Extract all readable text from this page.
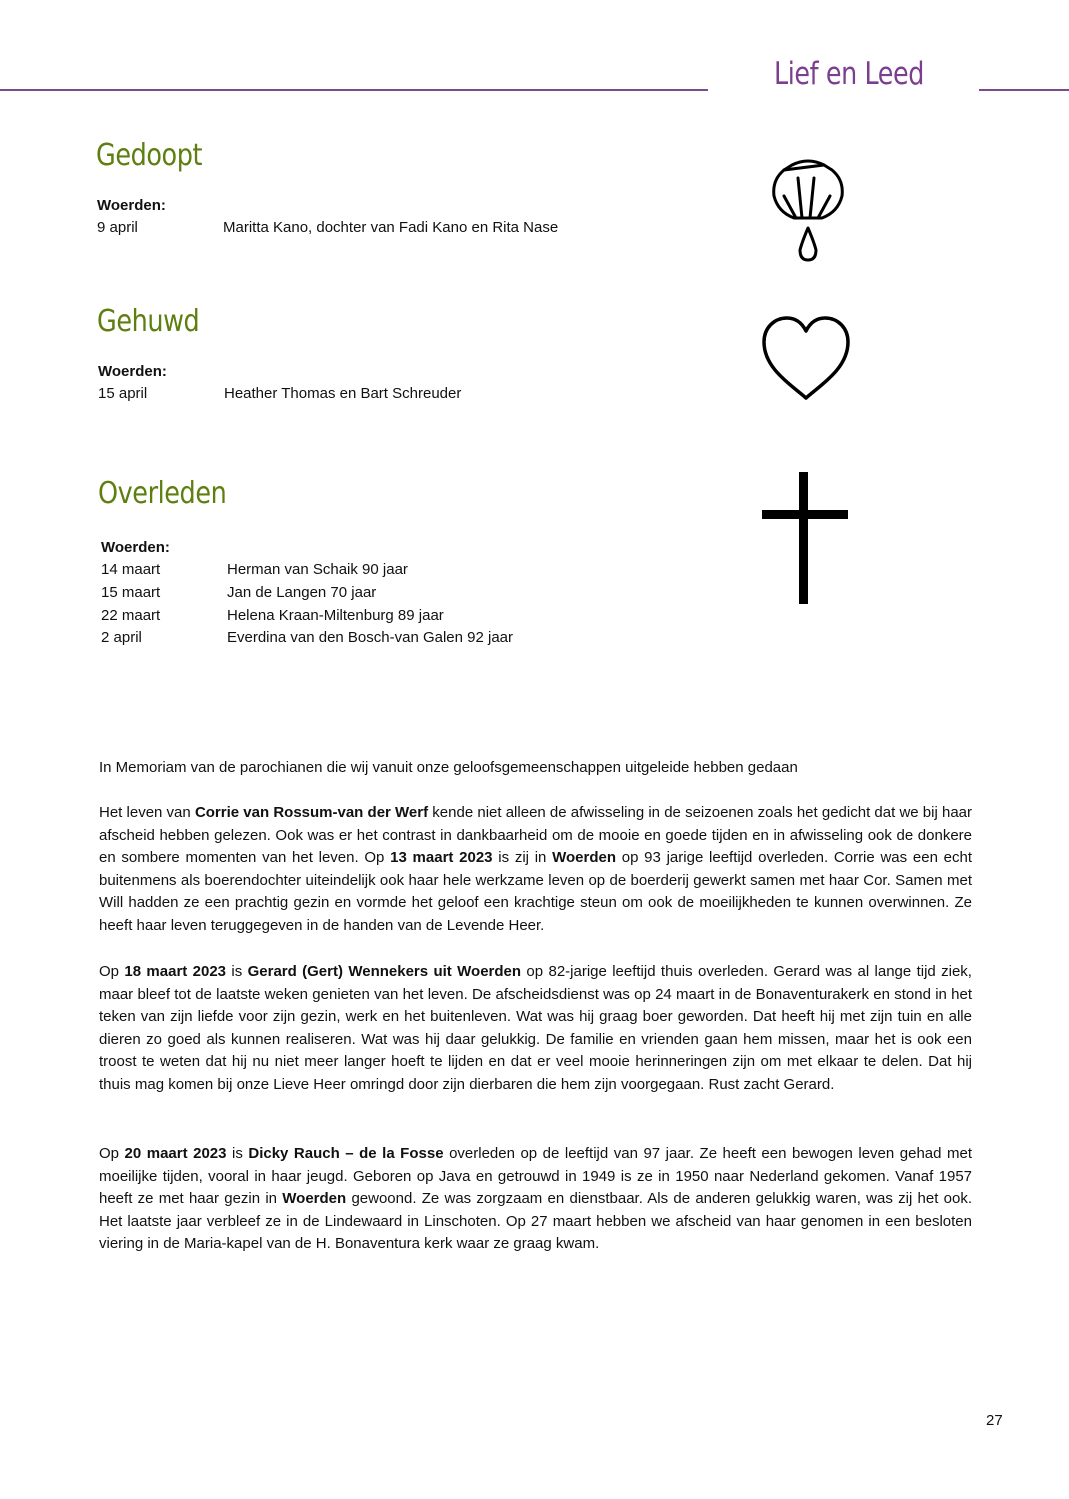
Lief en Leed
Gedoopt
Woerden:
9 april	Maritta Kano, dochter van Fadi Kano en Rita Nase
Gehuwd
Woerden:
15 april	Heather Thomas en Bart Schreuder
Overleden
Woerden:
14 maart	Herman van Schaik 90 jaar
15 maart	Jan de Langen 70 jaar
22 maart	Helena Kraan-Miltenburg 89 jaar
2 april	Everdina van den Bosch-van Galen 92 jaar

In Memoriam van de parochianen die wij vanuit onze geloofsgemeenschappen uitgeleide hebben gedaan

Het leven van Corrie van Rossum-van der Werf kende niet alleen de afwisseling in de seizoenen zoals het gedicht dat we bij haar afscheid hebben gelezen. Ook was er het contrast in dankbaarheid om de mooie en goede tijden en in afwisseling ook de donkere en sombere momenten van het leven. Op 13 maart 2023 is zij in Woerden op 93 jarige leeftijd overleden. Corrie was een echt buitenmens als boerendochter uiteindelijk ook haar hele werkzame leven op de boerderij gewerkt samen met haar Cor. Samen met Will hadden ze een prachtig gezin en vormde het geloof een krachtige steun om ook de moeilijkheden te kunnen overwinnen. Ze heeft haar leven teruggegeven in de handen van de Levende Heer.

Op 18 maart 2023 is Gerard (Gert) Wennekers uit Woerden op 82-jarige leeftijd thuis overleden. Gerard was al lange tijd ziek, maar bleef tot de laatste weken genieten van het leven. De afscheidsdienst was op 24 maart in de Bonaventurakerk en stond in het teken van zijn liefde voor zijn gezin, werk en het buitenleven. Wat was hij graag boer geworden. Dat heeft hij met zijn tuin en alle dieren zo goed als kunnen realiseren. Wat was hij daar gelukkig. De familie en vrienden gaan hem missen, maar het is ook een troost te weten dat hij nu niet meer langer hoeft te lijden en dat er veel mooie herinneringen zijn om met elkaar te delen. Dat hij thuis mag komen bij onze Lieve Heer omringd door zijn dierbaren die hem zijn voorgegaan. Rust zacht Gerard.

Op 20 maart 2023 is Dicky Rauch – de la Fosse overleden op de leeftijd van 97 jaar. Ze heeft een bewogen leven gehad met moeilijke tijden, vooral in haar jeugd. Geboren op Java en getrouwd in 1949 is ze in 1950 naar Nederland gekomen. Vanaf 1957 heeft ze met haar gezin in Woerden gewoond. Ze was zorgzaam en dienstbaar. Als de anderen gelukkig waren, was zij het ook. Het laatste jaar verbleef ze in de Lindewaard in Linschoten. Op 27 maart hebben we afscheid van haar genomen in een besloten viering in de Maria-kapel van de H. Bonaventura kerk waar ze graag kwam.

27
